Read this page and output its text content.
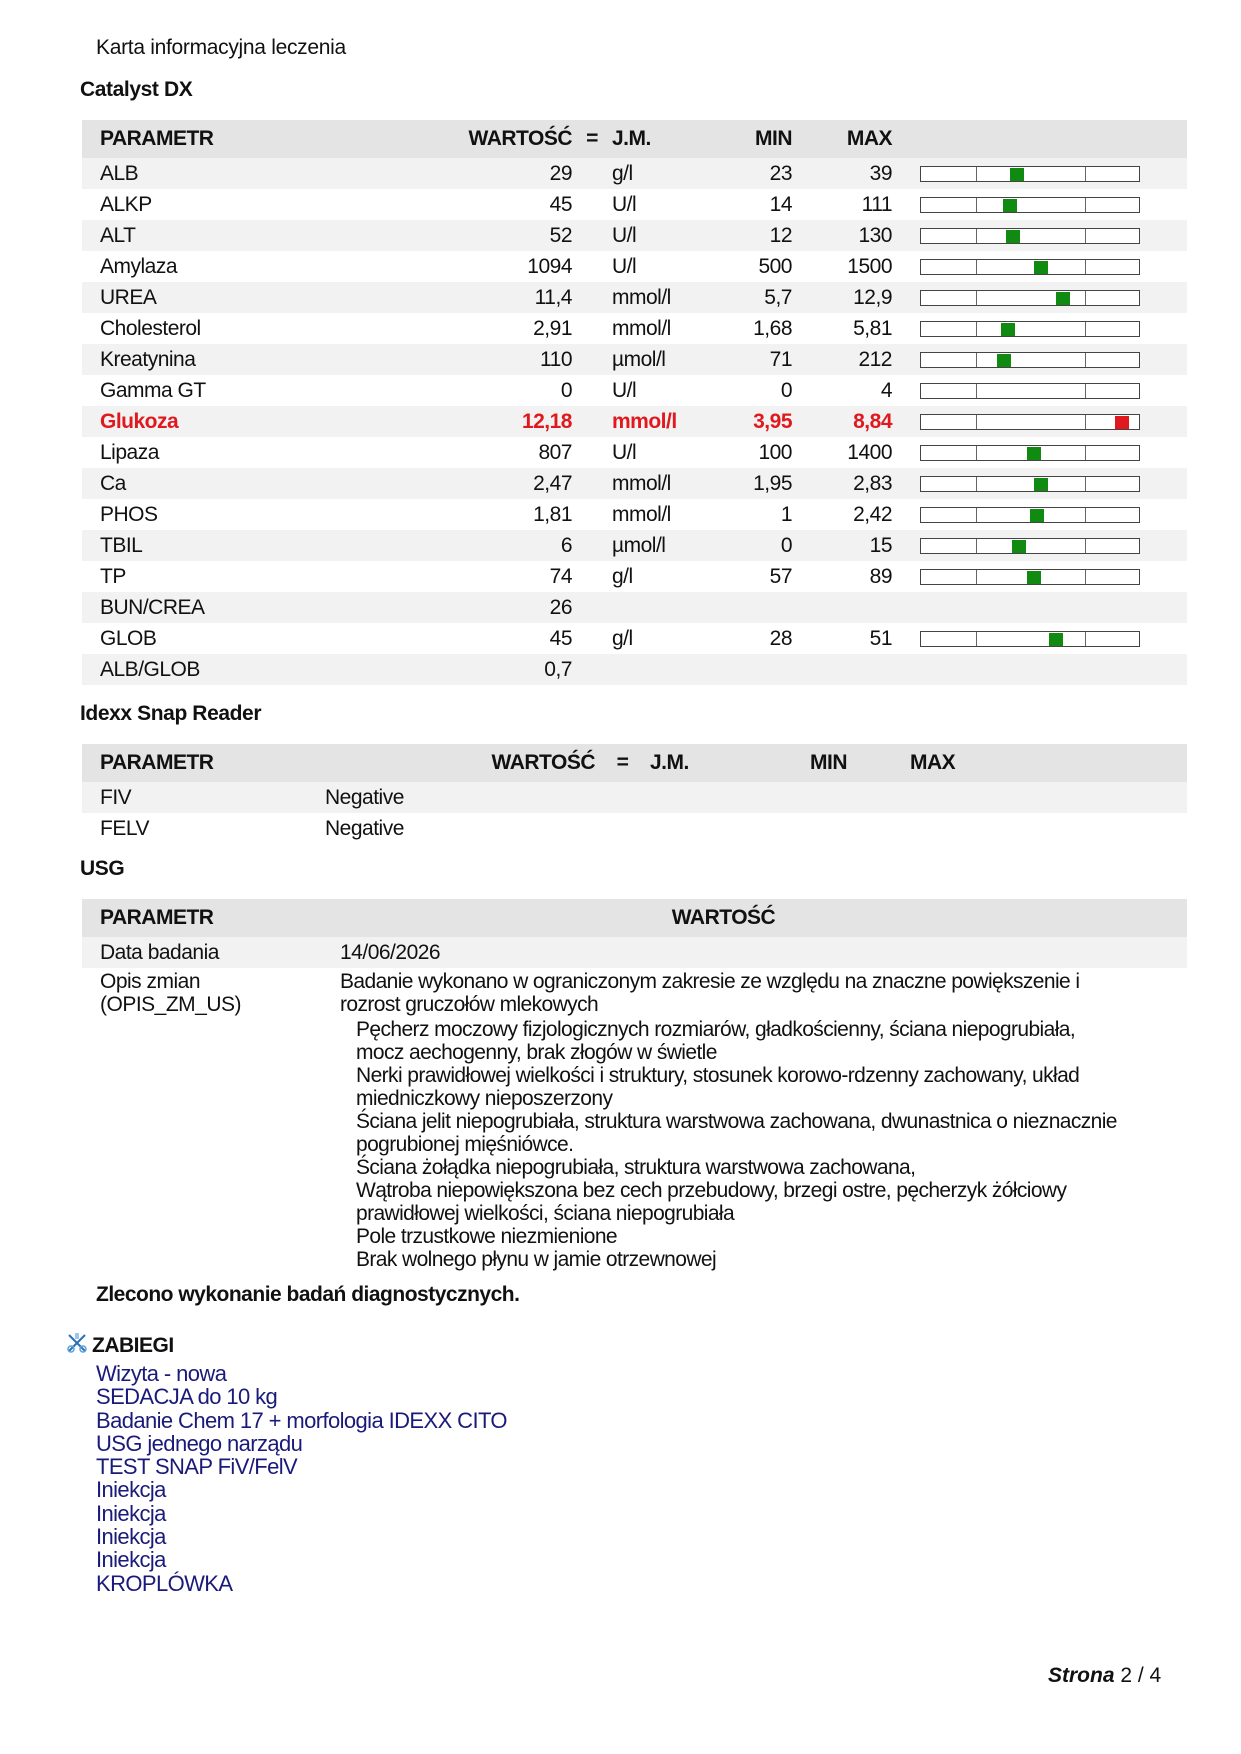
Karta informacyjna leczenia
Catalyst DX
PARAMETR	WARTOŚĆ	=	J.M.	MIN	MAX	
ALB	29		g/l	23	39	

ALKP	45		U/l	14	111	

ALT	52		U/l	12	130	

Amylaza	1094		U/l	500	1500	

UREA	11,4		mmol/l	5,7	12,9	

Cholesterol	2,91		mmol/l	1,68	5,81	

Kreatynina	110		µmol/l	71	212	

Gamma GT	0		U/l	0	4	

Glukoza	12,18		mmol/l	3,95	8,84	

Lipaza	807		U/l	100	1400	

Ca	2,47		mmol/l	1,95	2,83	

PHOS	1,81		mmol/l	1	2,42	

TBIL	6		µmol/l	0	15	

TP	74		g/l	57	89	

BUN/CREA	26					
GLOB	45		g/l	28	51	

ALB/GLOB	0,7					
Idexx Snap Reader
PARAMETR	WARTOŚĆ	=	J.M.	MIN	MAX
FIV	Negative				
FELV	Negative				
USG
PARAMETR	WARTOŚĆ
Data badania	14/06/2026
Opis zmian
(OPIS_ZM_US)

Badanie wykonano w ograniczonym zakresie ze względu na znaczne powiększenie i

rozrost gruczołów mlekowych

Pęcherz moczowy fizjologicznych rozmiarów, gładkościenny, ściana niepogrubiała,

mocz aechogenny, brak złogów w świetle

Nerki prawidłowej wielkości i struktury, stosunek korowo-rdzenny zachowany, układ

miedniczkowy nieposzerzony

Ściana jelit niepogrubiała, struktura warstwowa zachowana, dwunastnica o nieznacznie

pogrubionej mięśniówce.

Ściana żołądka niepogrubiała, struktura warstwowa zachowana,

Wątroba niepowiększona bez cech przebudowy, brzegi ostre, pęcherzyk żółciowy

prawidłowej wielkości, ściana niepogrubiała

Pole trzustkowe niezmienione

Brak wolnego płynu w jamie otrzewnowej

Zlecono wykonanie badań diagnostycznych.
ZABIEGI
Wizyta - nowa
SEDACJA do 10 kg
Badanie Chem 17 + morfologia IDEXX CITO
USG jednego narządu
TEST SNAP FiV/FelV
Iniekcja
Iniekcja
Iniekcja
Iniekcja
KROPLÓWKA
Strona 2 / 4
